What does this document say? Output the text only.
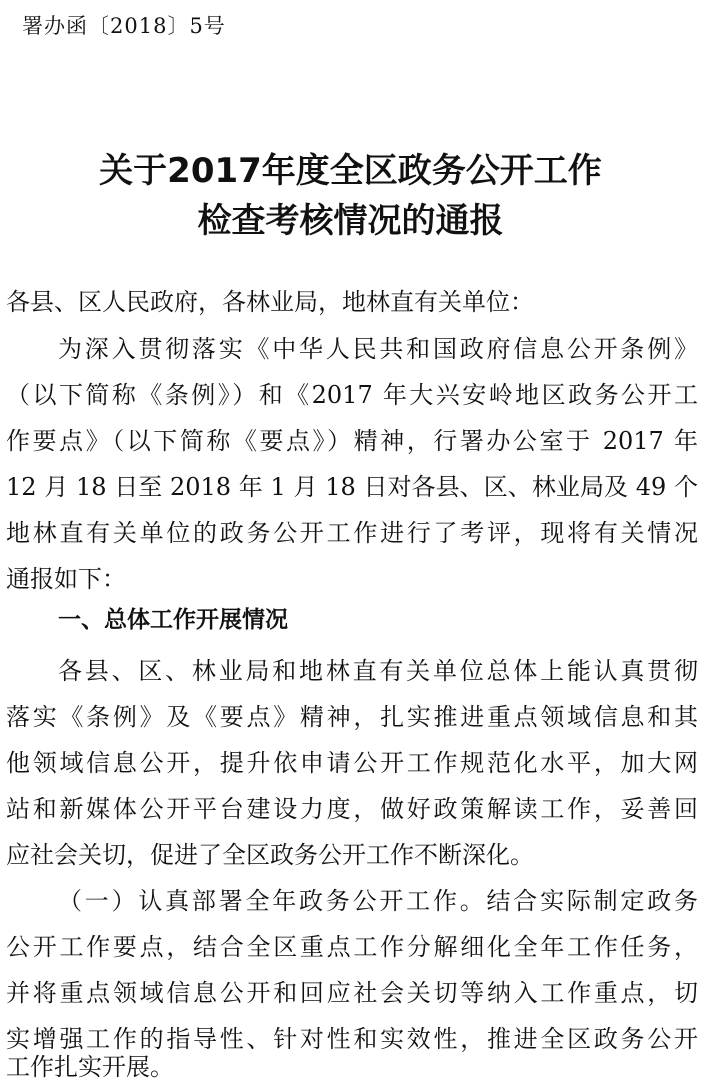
署办函〔2018〕5号
关于2017年度全区政务公开工作
检查考核情况的通报
各县、区人民政府，各林业局，地林直有关单位：
为深入贯彻落实《中华人民共和国政府信息公开条例》
（以下简称《条例》）和《2017 年大兴安岭地区政务公开工
作要点》（以下简称《要点》）精神，行署办公室于 2017 年
12 月 18 日至 2018 年 1 月 18 日对各县、区、林业局及 49 个
地林直有关单位的政务公开工作进行了考评，现将有关情况
通报如下：
一、总体工作开展情况
各县、区、林业局和地林直有关单位总体上能认真贯彻
落实《条例》及《要点》精神，扎实推进重点领域信息和其
他领域信息公开，提升依申请公开工作规范化水平，加大网
站和新媒体公开平台建设力度，做好政策解读工作，妥善回
应社会关切，促进了全区政务公开工作不断深化。
（一）认真部署全年政务公开工作。结合实际制定政务
公开工作要点，结合全区重点工作分解细化全年工作任务，
并将重点领域信息公开和回应社会关切等纳入工作重点，切
实增强工作的指导性、针对性和实效性，推进全区政务公开
工作扎实开展。
